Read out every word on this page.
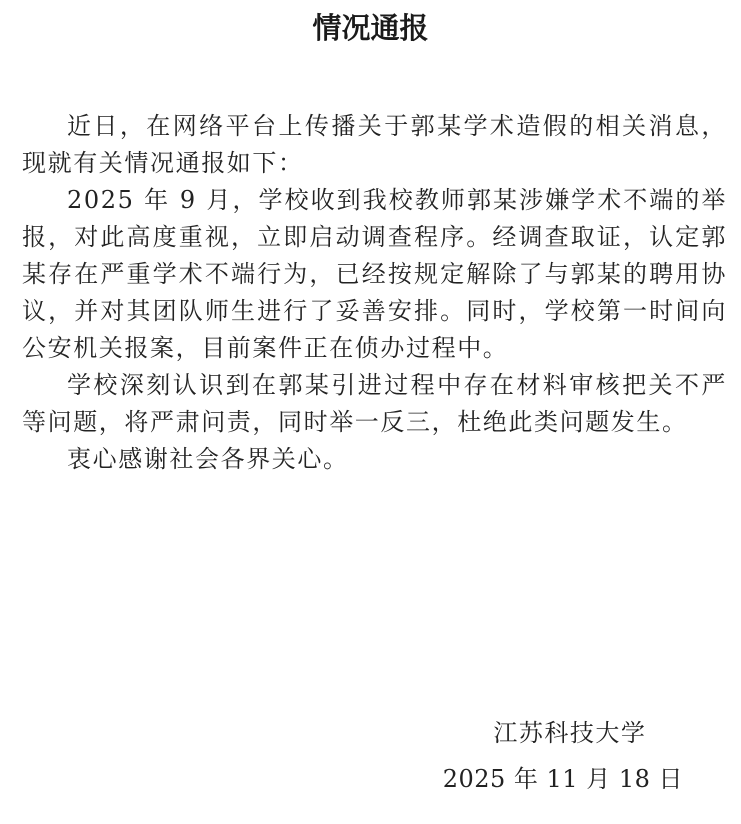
情况通报

近日，在网络平台上传播关于郭某学术造假的相关消息，现就有关情况通报如下：

2025 年 9 月，学校收到我校教师郭某涉嫌学术不端的举报，对此高度重视，立即启动调查程序。经调查取证，认定郭某存在严重学术不端行为，已经按规定解除了与郭某的聘用协议，并对其团队师生进行了妥善安排。同时，学校第一时间向公安机关报案，目前案件正在侦办过程中。

学校深刻认识到在郭某引进过程中存在材料审核把关不严等问题，将严肃问责，同时举一反三，杜绝此类问题发生。

衷心感谢社会各界关心。

江苏科技大学
2025 年 11 月 18 日
